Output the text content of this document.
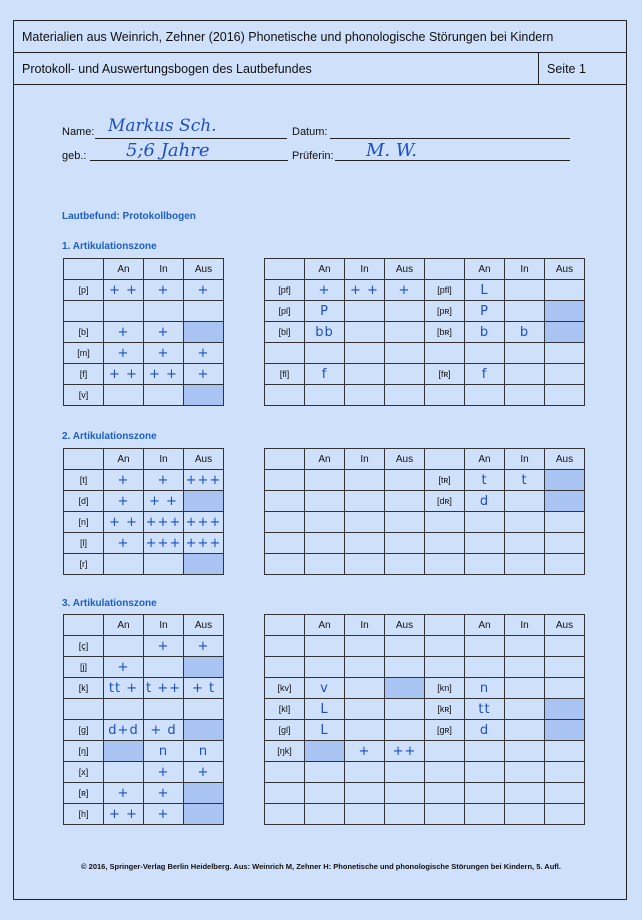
Materialien aus Weinrich, Zehner (2016) Phonetische und phonologische Störungen bei Kindern
Protokoll- und Auswertungsbogen des Lautbefundes	Seite 1
Name: Markus Sch.	Datum:
geb.: 5;6 Jahre	Prüferin: M. W.
Lautbefund: Protokollbogen
1. Artikulationszone
2. Artikulationszone
3. Artikulationszone
	An	In	Aus
[p]	+ +	+	+

[b]	+	+	
[m]	+	+	+
[f]	+ +	+ +	+
[v]			
	An	In	Aus		An	In	Aus
[pf]	+	+ +	+	[pfl]	L		
[pl]	P			[pʀ]	P		
[bl]	bb			[bʀ]	b	b	

[fl]	f			[fʀ]	f		

	An	In	Aus
[t]	+	+	+++
[d]	+	+ +	
[n]	+ +	+++	+++
[l]	+	+++	+++
[r]			
	An	In	Aus		An	In	Aus
				[tʀ]	t	t	
				[dʀ]	d		

	An	In	Aus
[ç]		+	+
[j]	+		
[k]	tt +	t ++	+ t

[g]	d+d	+ d	
[ŋ]		n	n
[x]		+	+
[ʀ]	+	+	
[h]	+ +	+	
	An	In	Aus		An	In	Aus

[kv]	v			[kn]	n		
[kl]	L			[kʀ]	tt		
[gl]	L			[gʀ]	d		
[ŋk]		+	++				

© 2016, Springer-Verlag Berlin Heidelberg. Aus: Weinrich M, Zehner H: Phonetische und phonologische Störungen bei Kindern, 5. Aufl.
